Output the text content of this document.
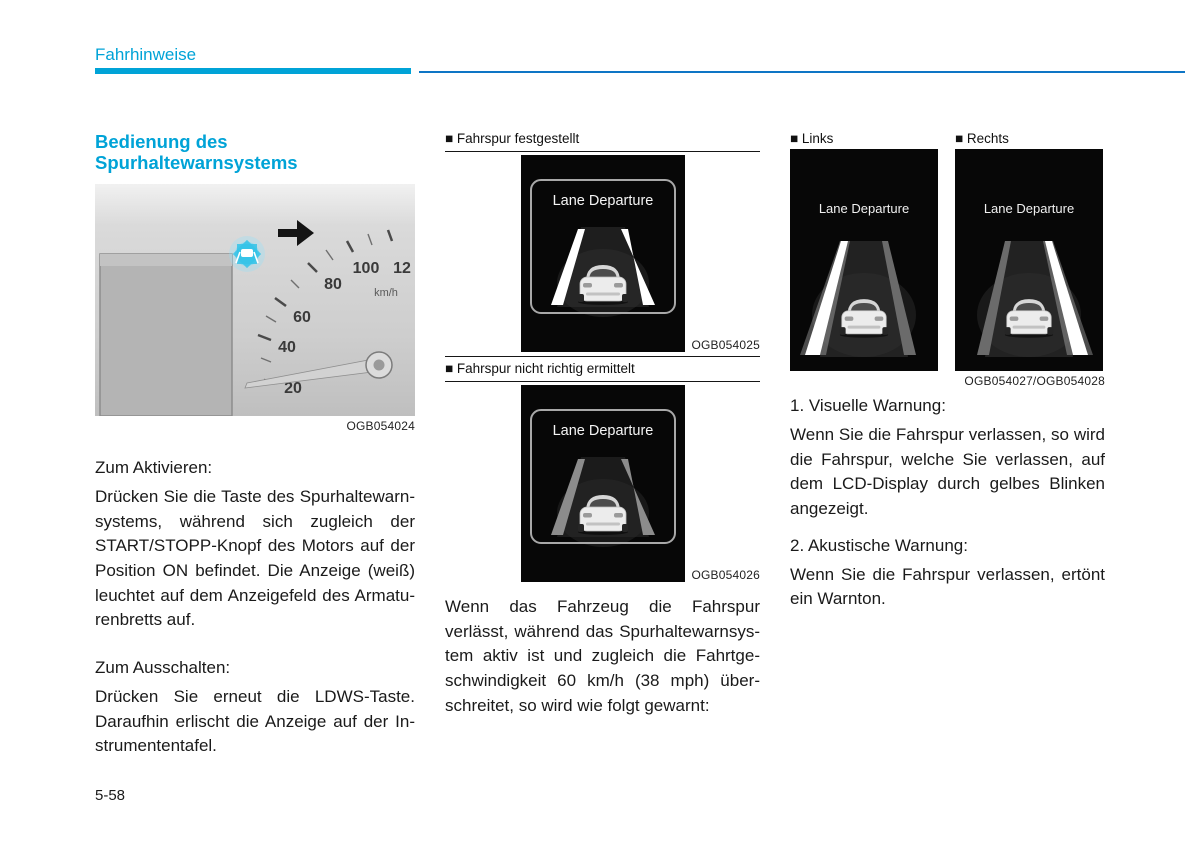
Fahrhinweise
Bedienung des
Spurhaltewarnsystems
20
40
60
80
100 12
km/h
OGB054024

Zum Aktivieren:

Drücken Sie die Taste des Spurhaltewarnsystems, während sich zugleich der START/STOPP-Knopf des Motors auf der Position ON befindet. Die Anzeige (weiß) leuchtet auf dem Anzeigefeld des Armaturenbretts auf.

Zum Ausschalten:

Drücken Sie erneut die LDWS-Taste. Daraufhin erlischt die Anzeige auf der Instrumententafel.

■ Fahrspur festgestellt
Lane Departure
OGB054025
■ Fahrspur nicht richtig ermittelt
Lane Departure
OGB054026

Wenn das Fahrzeug die Fahrspur verlässt, während das Spurhaltewarnsystem aktiv ist und zugleich die Fahrtgeschwindigkeit 60 km/h (38 mph) überschreitet, so wird wie folgt gewarnt:

■ Links	■ Rechts
Lane Departure	Lane Departure
OGB054027/OGB054028

1. Visuelle Warnung:

Wenn Sie die Fahrspur verlassen, so wird die Fahrspur, welche Sie verlassen, auf dem LCD-Display durch gelbes Blinken angezeigt.

2. Akustische Warnung:

Wenn Sie die Fahrspur verlassen, ertönt ein Warnton.

5-58
